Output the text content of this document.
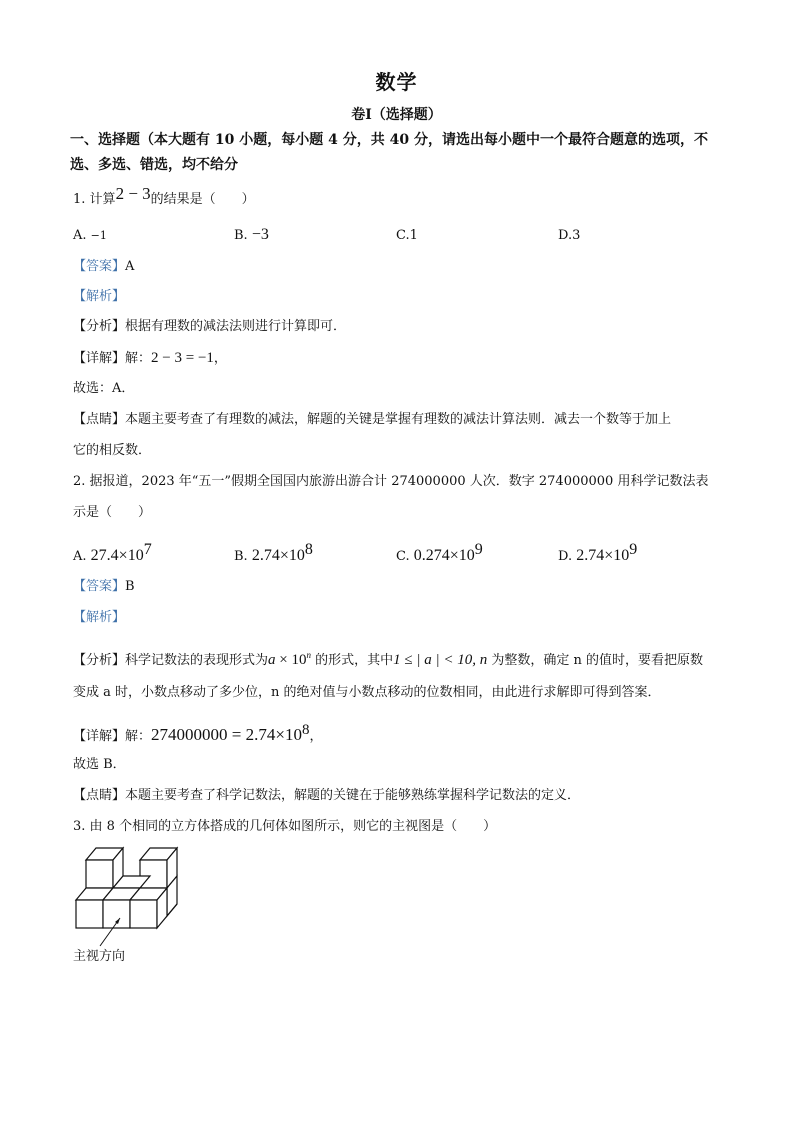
数学
卷Ⅰ（选择题）
一、选择题（本大题有 10 小题，每小题 4 分，共 40 分，请选出每小题中一个最符合题意的选项，不选、多选、错选，均不给分
1. 计算2 − 3的结果是（　　）
A. −1	B. −3	C.1	D.3
【答案】A
【解析】
【分析】根据有理数的减法法则进行计算即可．
【详解】解：2 − 3 = −1，
故选：A．
【点睛】本题主要考查了有理数的减法，解题的关键是掌握有理数的减法计算法则．减去一个数等于加上
它的相反数．
2. 据报道，2023 年“五一”假期全国国内旅游出游合计 274000000 人次．数字 274000000 用科学记数法表
示是（　　）
A. $27.4\times 10^7$	B. $2.74\times 10^8$	C. $0.274\times 10^9$	D. $2.74\times 10^9$
【答案】B
【解析】
【分析】科学记数法的表现形式为$a \times 10^n$ 的形式，其中1 ≤ | a | < 10, n 为整数，确定 n 的值时，要看把原数
变成 a 时，小数点移动了多少位，n 的绝对值与小数点移动的位数相同，由此进行求解即可得到答案．
【详解】解：$274000000 = 2.74\times 10^8$，
故选 B．
【点睛】本题主要考查了科学记数法，解题的关键在于能够熟练掌握科学记数法的定义．
3. 由 8 个相同的立方体搭成的几何体如图所示，则它的主视图是（　　）
主视方向
